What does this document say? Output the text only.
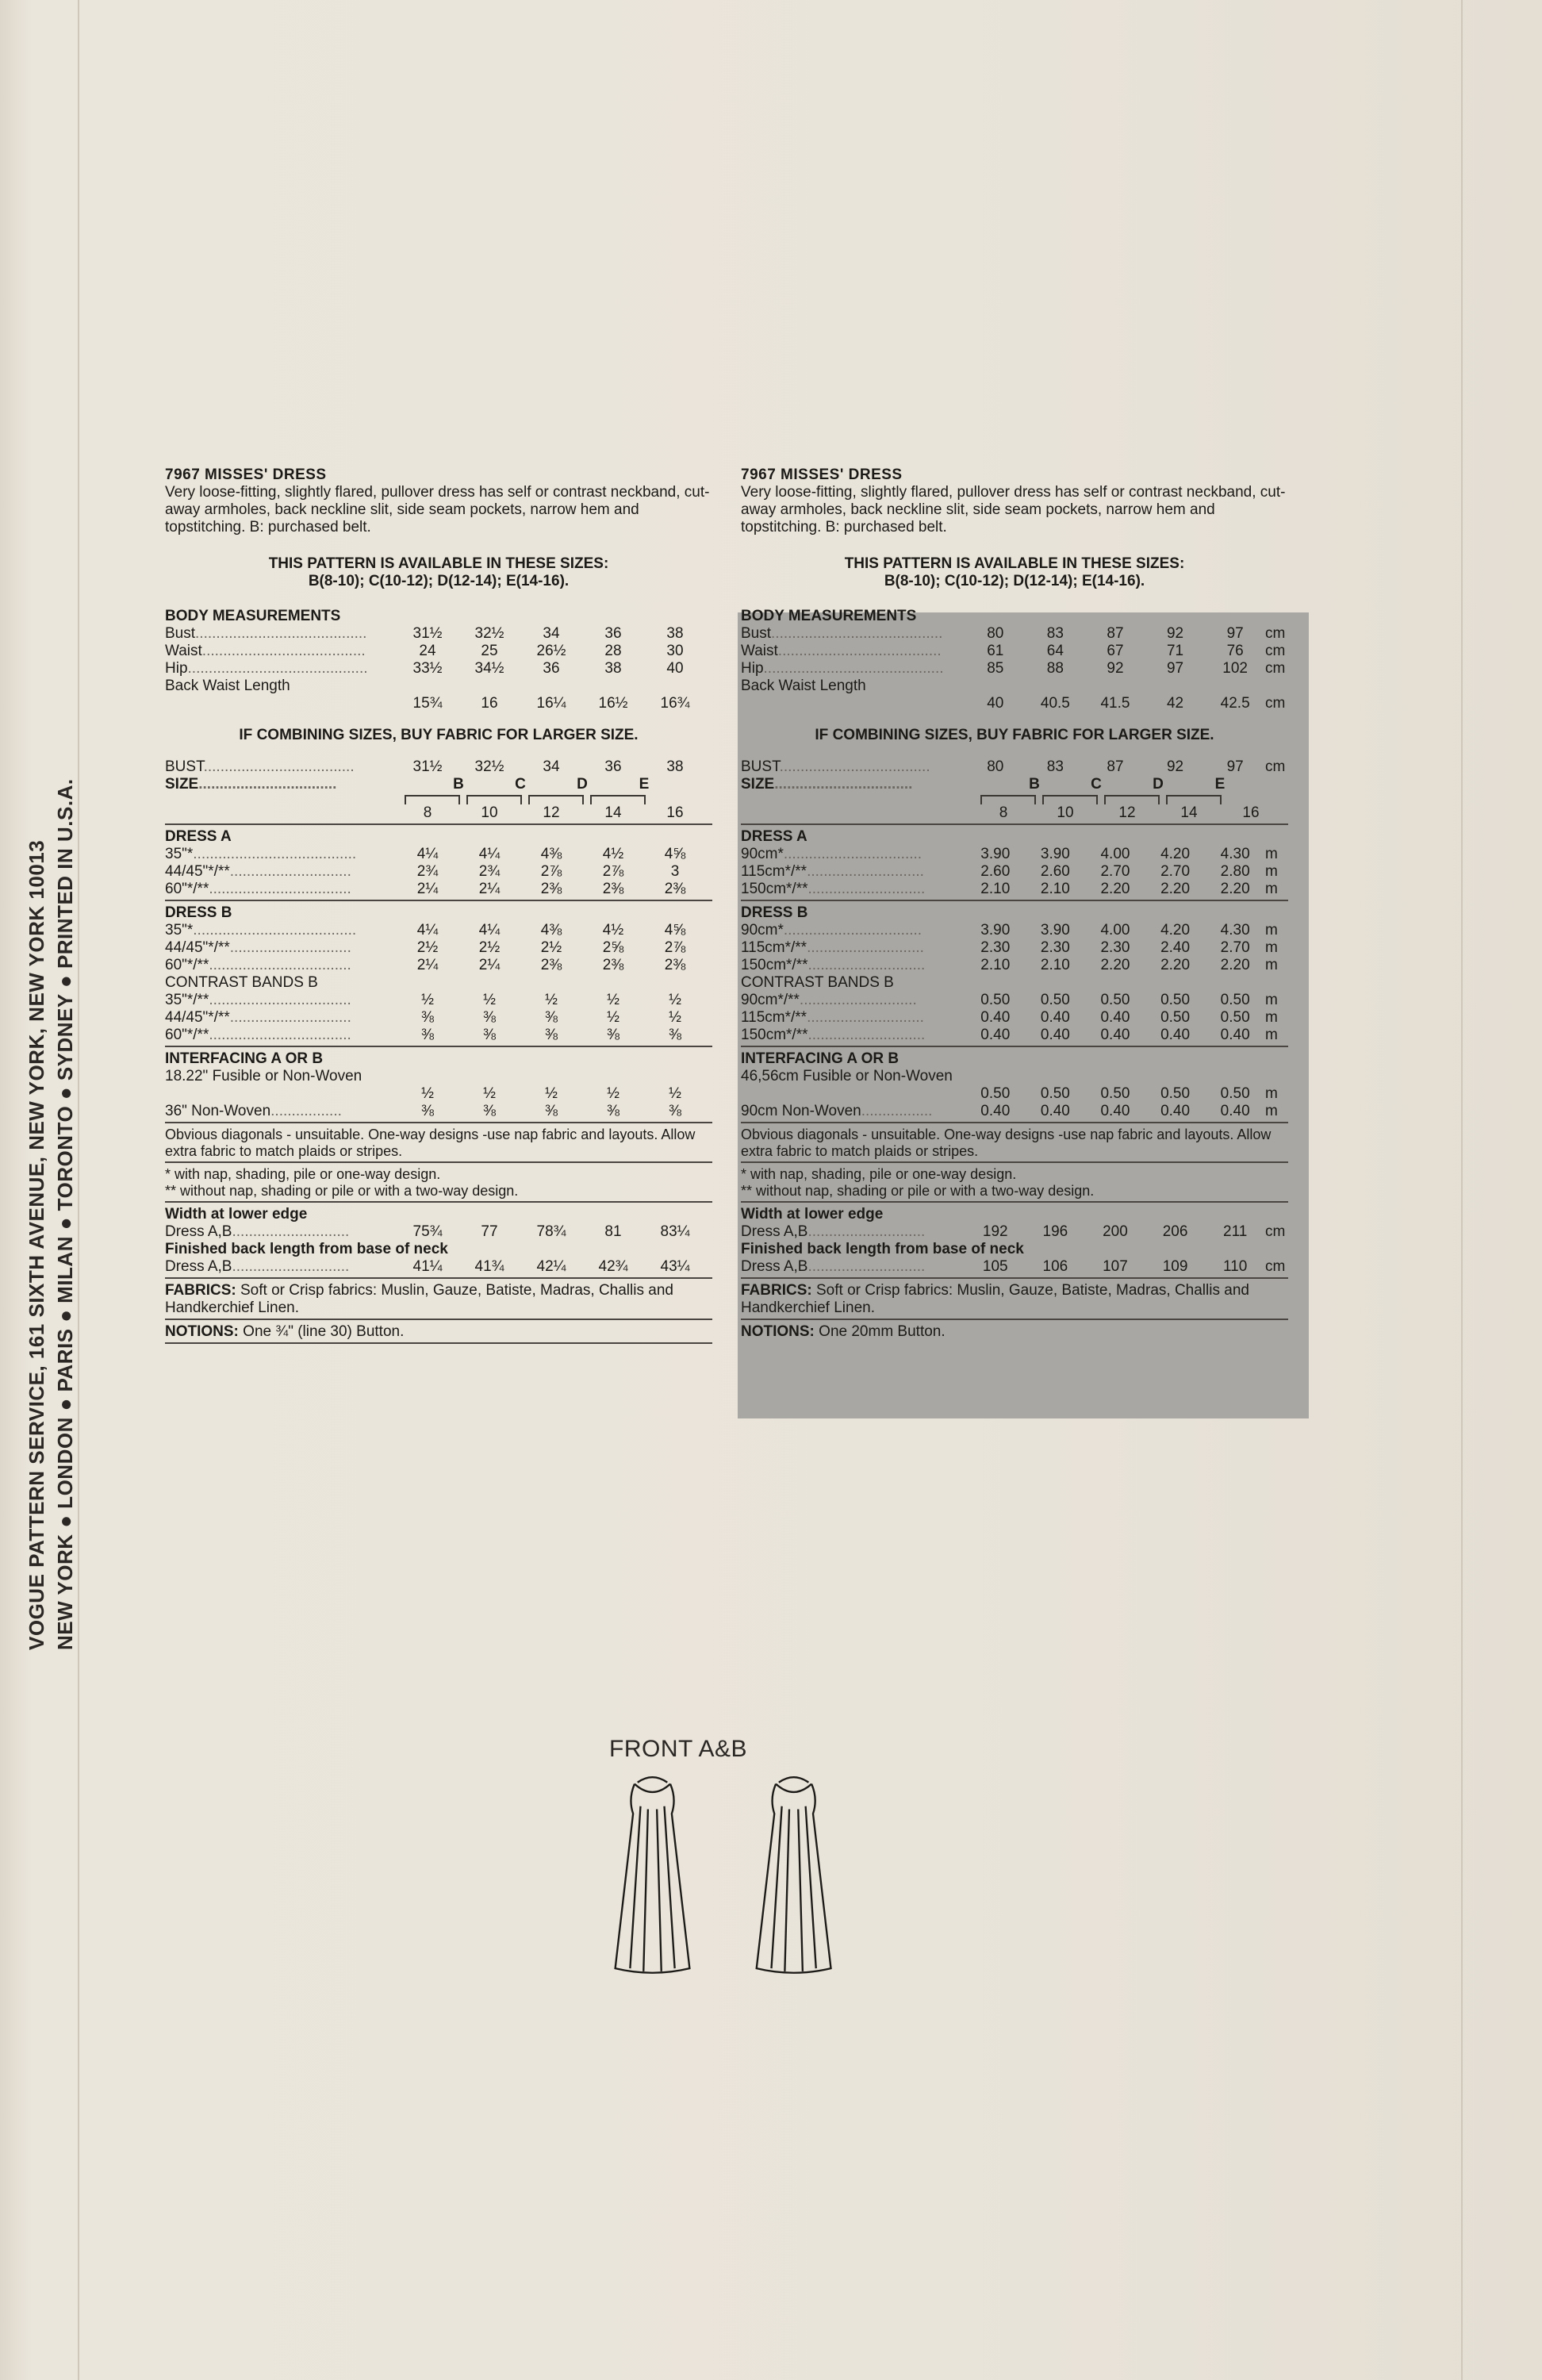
VOGUE PATTERN SERVICE, 161 SIXTH AVENUE, NEW YORK, NEW YORK 10013 NEW YORK ● LONDON ● PARIS ● MILAN ● TORONTO ● SYDNEY ● PRINTED IN U.S.A.

7967 MISSES' DRESS

Very loose-fitting, slightly flared, pullover dress has self or contrast neckband, cut-away armholes, back neckline slit, side seam pockets, narrow hem and topstitching. B: purchased belt.

THIS PATTERN IS AVAILABLE IN THESE SIZES:
B(8-10); C(10-12); D(12-14); E(14-16).
BODY MEASUREMENTS
Bust.........................................	31½	32½	34	36	38
Waist.......................................	24	25	26½	28	30
Hip...........................................	33½	34½	36	38	40
Back Waist Length
15¾	16	16¼	16½	16¾
IF COMBINING SIZES, BUY FABRIC FOR LARGER SIZE.
BUST....................................	31½	32½	34	36	38
SIZE.................................	B	C	D	E
8	10	12	14	16
DRESS A
35"*.......................................	4¼	4¼	4⅜	4½	4⅝
44/45"*/**.............................	2¾	2¾	2⅞	2⅞	3
60"*/**..................................	2¼	2¼	2⅜	2⅜	2⅜
DRESS B
35"*.......................................	4¼	4¼	4⅜	4½	4⅝
44/45"*/**.............................	2½	2½	2½	2⅝	2⅞
60"*/**..................................	2¼	2¼	2⅜	2⅜	2⅜
CONTRAST BANDS B
35"*/**..................................	½	½	½	½	½
44/45"*/**.............................	⅜	⅜	⅜	½	½
60"*/**..................................	⅜	⅜	⅜	⅜	⅜
INTERFACING A OR B
18.22" Fusible or Non-Woven
½	½	½	½	½
36" Non-Woven.................	⅜	⅜	⅜	⅜	⅜
Obvious diagonals - unsuitable. One-way designs -use nap fabric and layouts. Allow extra fabric to match plaids or stripes.
* with nap, shading, pile or one-way design.
** without nap, shading or pile or with a two-way design.
Width at lower edge
Dress A,B............................	75¾	77	78¾	81	83¼
Finished back length from base of neck
Dress A,B............................	41¼	41¾	42¼	42¾	43¼
FABRICS: Soft or Crisp fabrics: Muslin, Gauze, Batiste, Madras, Challis and Handkerchief Linen.
NOTIONS: One ¾" (line 30) Button.

7967 MISSES' DRESS

Very loose-fitting, slightly flared, pullover dress has self or contrast neckband, cut-away armholes, back neckline slit, side seam pockets, narrow hem and topstitching. B: purchased belt.

THIS PATTERN IS AVAILABLE IN THESE SIZES:
B(8-10); C(10-12); D(12-14); E(14-16).
BODY MEASUREMENTS
Bust.........................................	80	83	87	92	97	cm
Waist.......................................	61	64	67	71	76	cm
Hip...........................................	85	88	92	97	102	cm
Back Waist Length
40	40.5	41.5	42	42.5	cm
IF COMBINING SIZES, BUY FABRIC FOR LARGER SIZE.
BUST....................................	80	83	87	92	97	cm
SIZE.................................	B	C	D	E
8	10	12	14	16
DRESS A
90cm*.................................	3.90	3.90	4.00	4.20	4.30	m
115cm*/**............................	2.60	2.60	2.70	2.70	2.80	m
150cm*/**............................	2.10	2.10	2.20	2.20	2.20	m
DRESS B
90cm*.................................	3.90	3.90	4.00	4.20	4.30	m
115cm*/**............................	2.30	2.30	2.30	2.40	2.70	m
150cm*/**............................	2.10	2.10	2.20	2.20	2.20	m
CONTRAST BANDS B
90cm*/**............................	0.50	0.50	0.50	0.50	0.50	m
115cm*/**............................	0.40	0.40	0.40	0.50	0.50	m
150cm*/**............................	0.40	0.40	0.40	0.40	0.40	m
INTERFACING A OR B
46,56cm Fusible or Non-Woven
0.50	0.50	0.50	0.50	0.50	m
90cm Non-Woven.................	0.40	0.40	0.40	0.40	0.40	m
Obvious diagonals - unsuitable. One-way designs -use nap fabric and layouts. Allow extra fabric to match plaids or stripes.
* with nap, shading, pile or one-way design.
** without nap, shading or pile or with a two-way design.
Width at lower edge
Dress A,B............................	192	196	200	206	211	cm
Finished back length from base of neck
Dress A,B............................	105	106	107	109	110	cm
FABRICS: Soft or Crisp fabrics: Muslin, Gauze, Batiste, Madras, Challis and Handkerchief Linen.
NOTIONS: One 20mm Button.
FRONT A&B
